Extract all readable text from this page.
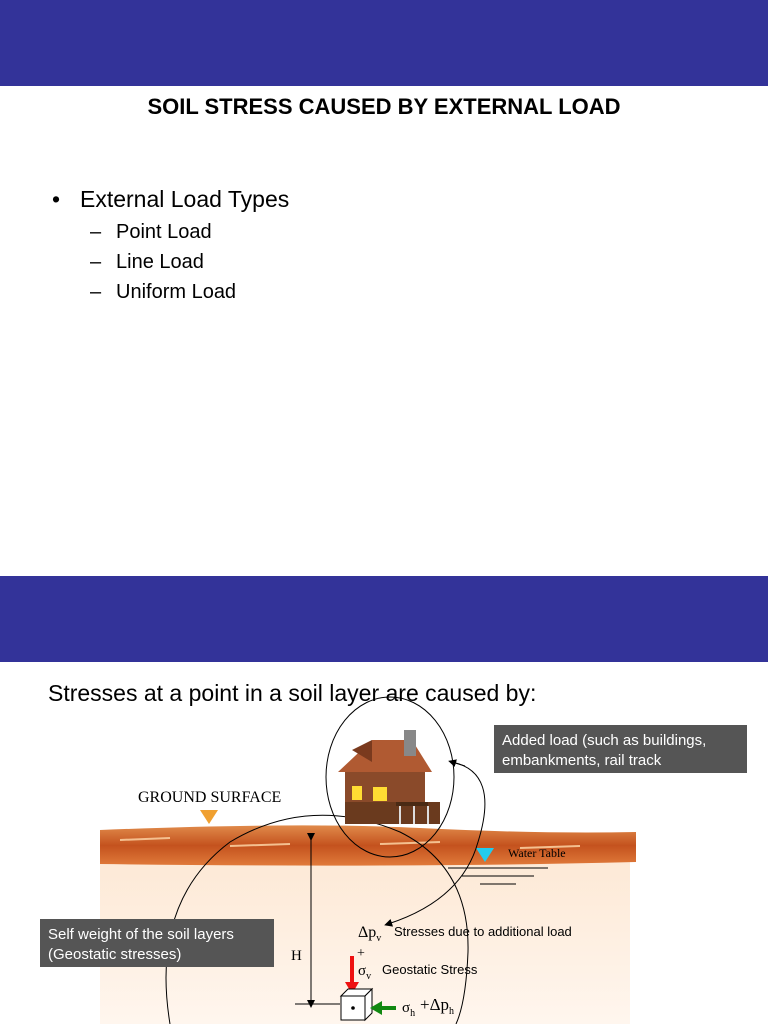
SOIL STRESS CAUSED BY EXTERNAL LOAD
• External Load Types
– Point Load
– Line Load
– Uniform Load
Stresses at a point in a soil layer are caused by:
GROUND SURFACE
Water Table
H
$\Delta p_v$ Stresses due to additional load
+
$\sigma_v$ Geostatic Stress
$\sigma_h +\Delta p_h$
Added load (such as buildings, embankments, rail track
Self weight of the soil layers (Geostatic stresses)
